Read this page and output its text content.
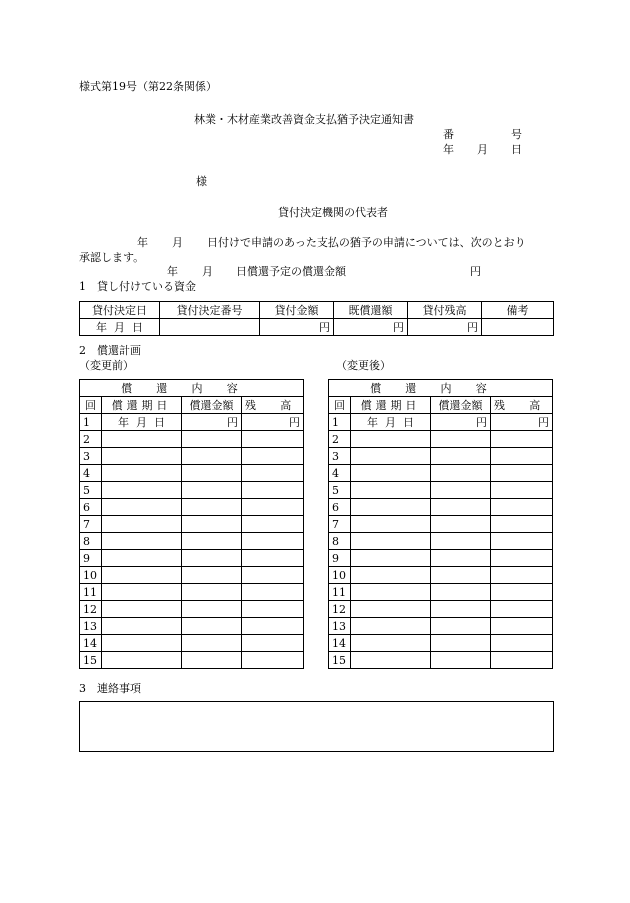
様式第19号（第22条関係）
林業・木材産業改善資金支払猶予決定通知書
番	号
年 月 日
様
貸付決定機関の代表者
年 月 日付けで申請のあった支払の猶予の申請については、次のとおり
承認します。
年 月 日償還予定の償還金額	円
1　貸し付けている資金
貸付決定日	貸付決定番号	貸付金額	既償還額	貸付残高	備考
年 月 日		円	円	円	
2　償還計画
（変更前）	（変更後）
償還内容			
回	償還期日	償還金額	残高
1	年 月 日	円	円
2			
3			
4			
5			
6			
7			
8			
9			
10			
11			
12			
13			
14			
15			
償還内容			
回	償還期日	償還金額	残高
1	年 月 日	円	円
2			
3			
4			
5			
6			
7			
8			
9			
10			
11			
12			
13			
14			
15			
3　連絡事項
